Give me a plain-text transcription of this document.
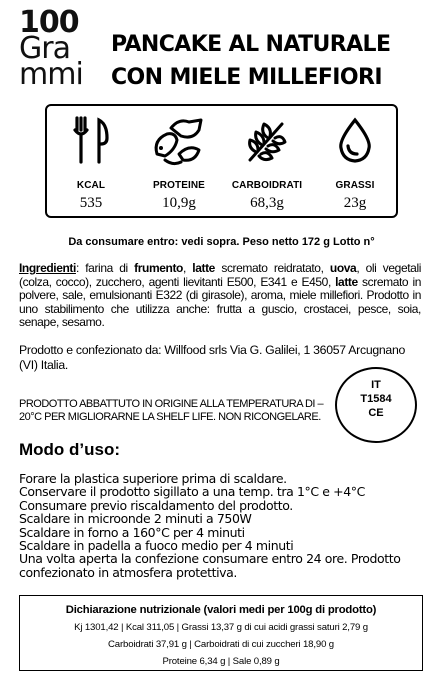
100
Gra
mmi
PANCAKE AL NATURALE
CON MIELE MILLEFIORI
KCAL
535
PROTEINE
10,9g
CARBOIDRATI
68,3g
GRASSI
23g
Da consumare entro: vedi sopra. Peso netto 172 g Lotto n°
Ingredienti: farina di frumento, latte scremato reidratato, uova, oli vegetali (colza, cocco), zucchero, agenti lievitanti E500, E341 e E450, latte scremato in polvere, sale, emulsionanti E322 (di girasole), aroma, miele millefiori. Prodotto in uno stabilimento che utilizza anche: frutta a guscio, crostacei, pesce, soia, senape, sesamo.
Prodotto e confezionato da: Willfood srls Via G. Galilei, 1 36057 Arcugnano (VI) Italia.
PRODOTTO ABBATTUTO IN ORIGINE ALLA TEMPERATURA DI –20°C PER MIGLIORARNE LA SHELF LIFE. NON RICONGELARE.
IT
T1584
CE
Modo d’uso:
Forare la plastica superiore prima di scaldare.
Conservare il prodotto sigillato a una temp. tra 1°C e +4°C
Consumare previo riscaldamento del prodotto.
Scaldare in microonde 2 minuti a 750W
Scaldare in forno a 160°C per 4 minuti
Scaldare in padella a fuoco medio per 4 minuti
Una volta aperta la confezione consumare entro 24 ore. Prodotto confezionato in atmosfera protettiva.
Dichiarazione nutrizionale (valori medi per 100g di prodotto)
Kj 1301,42 | Kcal 311,05 | Grassi 13,37 g di cui acidi grassi saturi 2,79 g
Carboidrati 37,91 g | Carboidrati di cui zuccheri 18,90 g
Proteine 6,34 g | Sale 0,89 g
